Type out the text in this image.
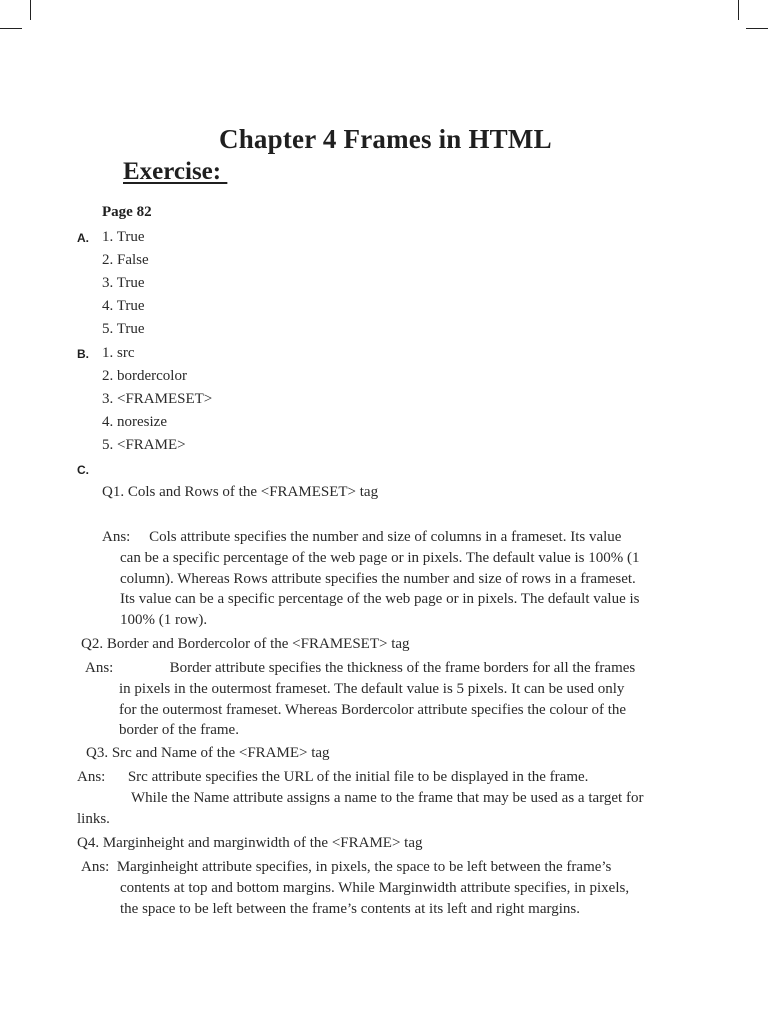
Chapter 4 Frames in HTML
Exercise:
Page 82
A. 1. True
2. False
3. True
4. True
5. True
B. 1. src
2. bordercolor
3. <FRAMESET>
4. noresize
5. <FRAME>
C.
Q1. Cols and Rows of the <FRAMESET> tag
Ans:     Cols attribute specifies the number and size of columns in a frameset. Its value
can be a specific percentage of the web page or in pixels. The default value is 100% (1
column). Whereas Rows attribute specifies the number and size of rows in a frameset.
Its value can be a specific percentage of the web page or in pixels. The default value is
100% (1 row).
Q2. Border and Bordercolor of the <FRAMESET> tag
Ans:               Border attribute specifies the thickness of the frame borders for all the frames
in pixels in the outermost frameset. The default value is 5 pixels. It can be used only
for the outermost frameset. Whereas Bordercolor attribute specifies the colour of the
border of the frame.
Q3. Src and Name of the <FRAME> tag
Ans:      Src attribute specifies the URL of the initial file to be displayed in the frame.
While the Name attribute assigns a name to the frame that may be used as a target for
links.
Q4. Marginheight and marginwidth of the <FRAME> tag
Ans:  Marginheight attribute specifies, in pixels, the space to be left between the frame’s
contents at top and bottom margins. While Marginwidth attribute specifies, in pixels,
the space to be left between the frame’s contents at its left and right margins.
